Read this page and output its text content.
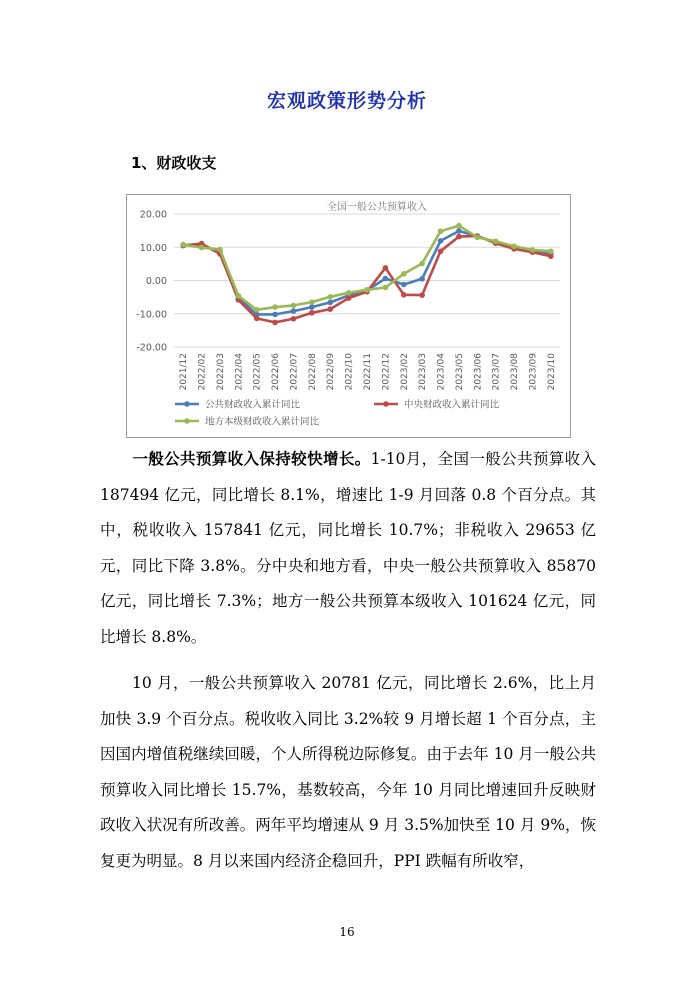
宏观政策形势分析
1、财政收支
全国一般公共预算收入
20.00
10.00
0.00
-10.00
-20.00
2021/12 2022/02 2022/03 2022/04 2022/05 2022/06 2022/07 2022/08 2022/09 2022/10 2022/11 2022/12 2023/02 2023/03 2023/04 2023/05 2023/06 2023/07 2023/08 2023/09 2023/10
公共财政收入累计同比	中央财政收入累计同比
地方本级财政收入累计同比

一般公共预算收入保持较快增长。1-10月，全国一般公共预算收入 187494 亿元，同比增长 8.1%，增速比 1-9 月回落 0.8 个百分点。其中，税收收入 157841 亿元，同比增长 10.7%；非税收入 29653 亿元，同比下降 3.8%。分中央和地方看，中央一般公共预算收入 85870 亿元，同比增长 7.3%；地方一般公共预算本级收入 101624 亿元，同比增长 8.8%。

10 月，一般公共预算收入 20781 亿元，同比增长 2.6%，比上月加快 3.9 个百分点。税收收入同比 3.2%较 9 月增长超 1 个百分点，主因国内增值税继续回暖，个人所得税边际修复。由于去年 10 月一般公共预算收入同比增长 15.7%，基数较高，今年 10 月同比增速回升反映财政收入状况有所改善。两年平均增速从 9 月 3.5%加快至 10 月 9%，恢复更为明显。8 月以来国内经济企稳回升，PPI 跌幅有所收窄，

16
